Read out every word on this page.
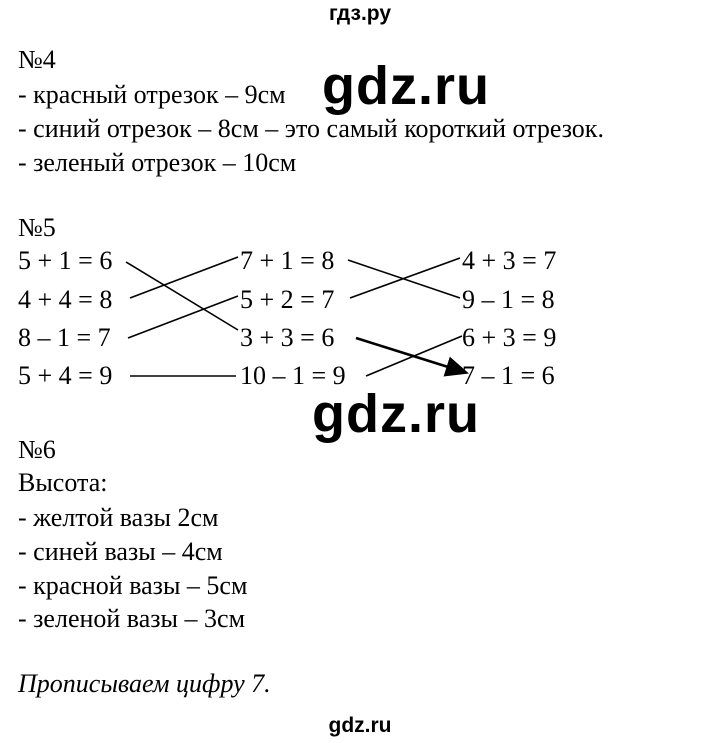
гдз.ру
№4
- красный отрезок – 9см
- синий отрезок – 8см – это самый короткий отрезок.
- зеленый отрезок – 10см
gdz.ru
№5
5 + 1 = 6
4 + 4 = 8
8 – 1 = 7
5 + 4 = 9
7 + 1 = 8
5 + 2 = 7
3 + 3 = 6
10 – 1 = 9
4 + 3 = 7
9 – 1 = 8
6 + 3 = 9
7 – 1 = 6
gdz.ru
№6
Высота:
- желтой вазы 2см
- синей вазы – 4см
- красной вазы – 5см
- зеленой вазы – 3см
Прописываем цифру 7.
gdz.ru
